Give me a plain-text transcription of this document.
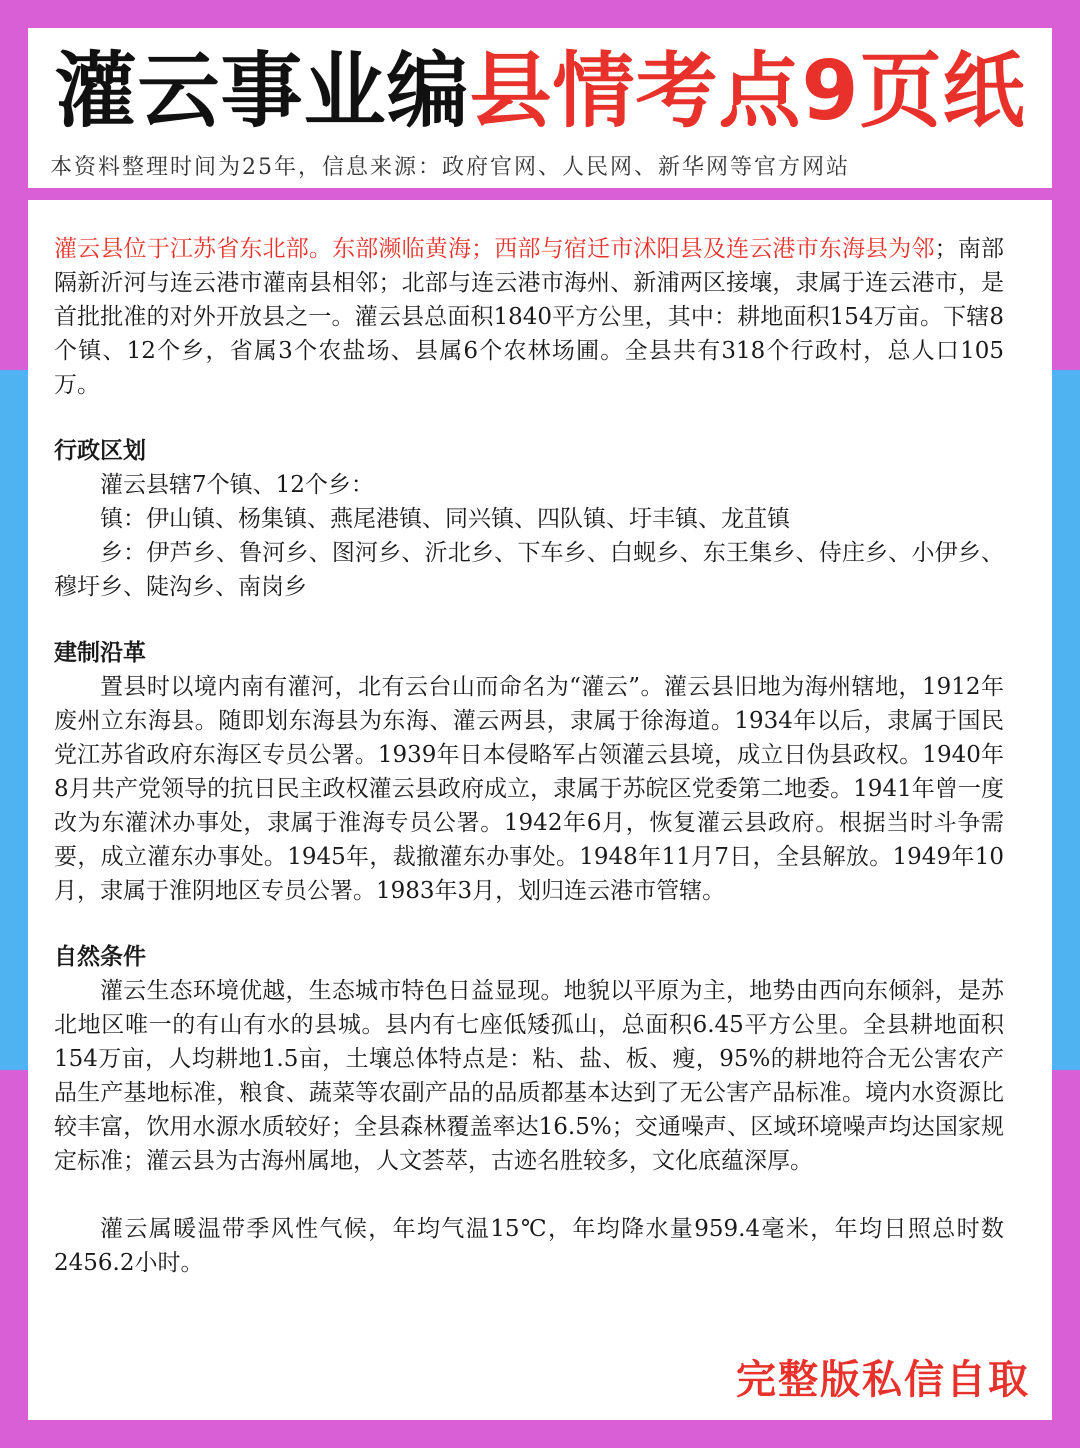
灌云事业编县情考点9页纸
本资料整理时间为25年，信息来源：政府官网、人民网、新华网等官方网站

灌云县位于江苏省东北部。东部濒临黄海；西部与宿迁市沭阳县及连云港市东海县为邻；南部隔新沂河与连云港市灌南县相邻；北部与连云港市海州、新浦两区接壤，隶属于连云港市，是首批批准的对外开放县之一。灌云县总面积1840平方公里，其中：耕地面积154万亩。下辖8个镇、12个乡，省属3个农盐场、县属6个农林场圃。全县共有318个行政村，总人口105万。

行政区划

灌云县辖7个镇、12个乡：

镇：伊山镇、杨集镇、燕尾港镇、同兴镇、四队镇、圩丰镇、龙苴镇

乡：伊芦乡、鲁河乡、图河乡、沂北乡、下车乡、白蚬乡、东王集乡、侍庄乡、小伊乡、穆圩乡、陡沟乡、南岗乡

建制沿革

置县时以境内南有灌河，北有云台山而命名为“灌云”。灌云县旧地为海州辖地，1912年废州立东海县。随即划东海县为东海、灌云两县，隶属于徐海道。1934年以后，隶属于国民党江苏省政府东海区专员公署。1939年日本侵略军占领灌云县境，成立日伪县政权。1940年8月共产党领导的抗日民主政权灌云县政府成立，隶属于苏皖区党委第二地委。1941年曾一度改为东灌沭办事处，隶属于淮海专员公署。1942年6月，恢复灌云县政府。根据当时斗争需要，成立灌东办事处。1945年，裁撤灌东办事处。1948年11月7日，全县解放。1949年10月，隶属于淮阴地区专员公署。1983年3月，划归连云港市管辖。

自然条件

灌云生态环境优越，生态城市特色日益显现。地貌以平原为主，地势由西向东倾斜，是苏北地区唯一的有山有水的县城。县内有七座低矮孤山，总面积6.45平方公里。全县耕地面积154万亩，人均耕地1.5亩，土壤总体特点是：粘、盐、板、瘦，95%的耕地符合无公害农产品生产基地标准，粮食、蔬菜等农副产品的品质都基本达到了无公害产品标准。境内水资源比较丰富，饮用水源水质较好；全县森林覆盖率达16.5%；交通噪声、区域环境噪声均达国家规定标准；灌云县为古海州属地，人文荟萃，古迹名胜较多，文化底蕴深厚。

灌云属暖温带季风性气候，年均气温15℃，年均降水量959.4毫米，年均日照总时数2456.2小时。

完整版私信自取
